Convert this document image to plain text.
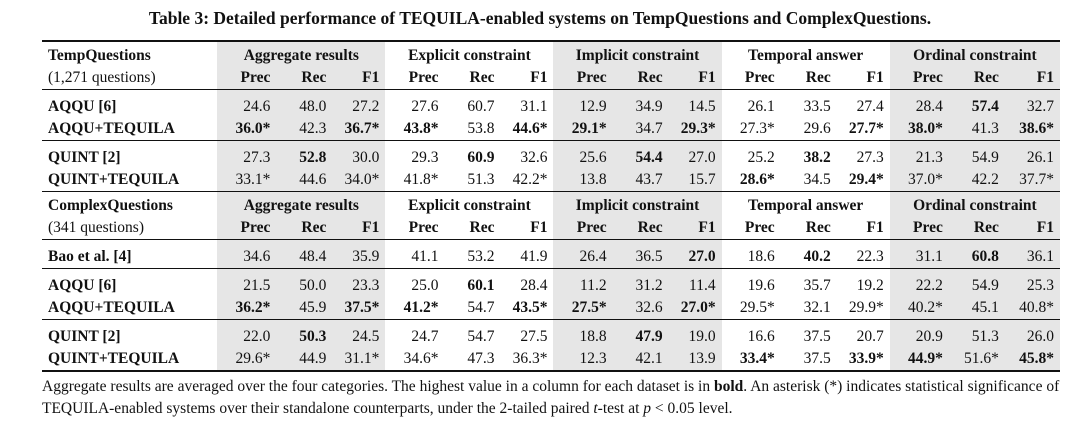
Table 3: Detailed performance of TEQUILA-enabled systems on TempQuestions and ComplexQuestions.
TempQuestions	Aggregate results			Explicit constraint			Implicit constraint			Temporal answer			Ordinal constraint		
(1,271 questions)	Prec	Rec	F1	Prec	Rec	F1	Prec	Rec	F1	Prec	Rec	F1	Prec	Rec	F1

AQQU [6]	24.6	48.0	27.2	27.6	60.7	31.1	12.9	34.9	14.5	26.1	33.5	27.4	28.4	57.4	32.7
AQQU+TEQUILA	36.0*	42.3	36.7*	43.8*	53.8	44.6*	29.1*	34.7	29.3*	27.3*	29.6	27.7*	38.0*	41.3	38.6*

QUINT [2]	27.3	52.8	30.0	29.3	60.9	32.6	25.6	54.4	27.0	25.2	38.2	27.3	21.3	54.9	26.1
QUINT+TEQUILA	33.1*	44.6	34.0*	41.8*	51.3	42.2*	13.8	43.7	15.7	28.6*	34.5	29.4*	37.0*	42.2	37.7*
ComplexQuestions	Aggregate results			Explicit constraint			Implicit constraint			Temporal answer			Ordinal constraint		
(341 questions)	Prec	Rec	F1	Prec	Rec	F1	Prec	Rec	F1	Prec	Rec	F1	Prec	Rec	F1

Bao et al. [4]	34.6	48.4	35.9	41.1	53.2	41.9	26.4	36.5	27.0	18.6	40.2	22.3	31.1	60.8	36.1

AQQU [6]	21.5	50.0	23.3	25.0	60.1	28.4	11.2	31.2	11.4	19.6	35.7	19.2	22.2	54.9	25.3
AQQU+TEQUILA	36.2*	45.9	37.5*	41.2*	54.7	43.5*	27.5*	32.6	27.0*	29.5*	32.1	29.9*	40.2*	45.1	40.8*

QUINT [2]	22.0	50.3	24.5	24.7	54.7	27.5	18.8	47.9	19.0	16.6	37.5	20.7	20.9	51.3	26.0
QUINT+TEQUILA	29.6*	44.9	31.1*	34.6*	47.3	36.3*	12.3	42.1	13.9	33.4*	37.5	33.9*	44.9*	51.6*	45.8*
Aggregate results are averaged over the four categories. The highest value in a column for each dataset is in bold. An asterisk (*) indicates statistical significance of TEQUILA-enabled systems over their standalone counterparts, under the 2-tailed paired t-test at p < 0.05 level.
